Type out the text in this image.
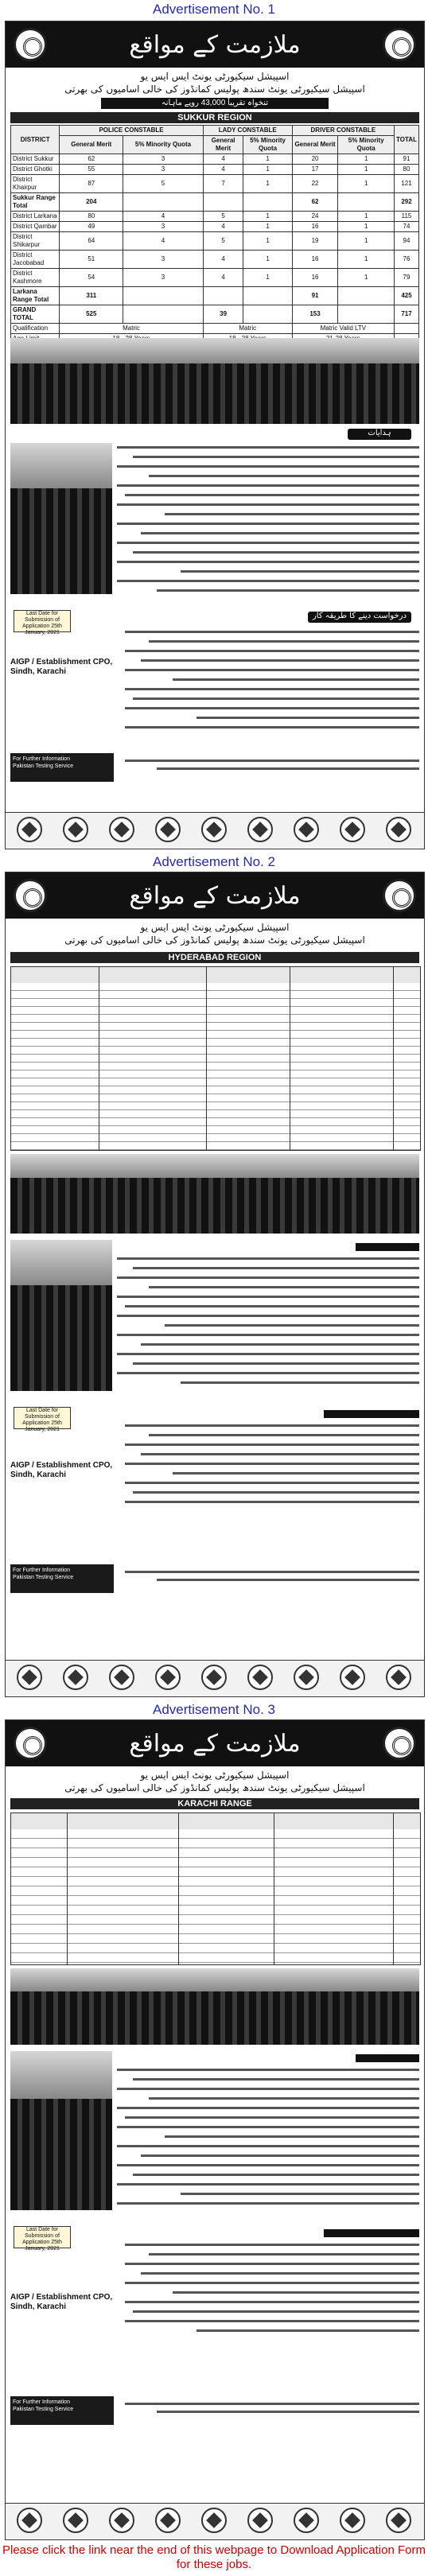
Advertisement No. 1
Advertisement No. 2
Advertisement No. 3
ملازمت کے مواقع
اسپیشل سیکیورٹی یونٹ ایس ایس یو
اسپیشل سیکیورٹی یونٹ سندھ پولیس کمانڈوز کی خالی اسامیوں کی بھرتی
تنخواہ تقریباً 43,000 روپے ماہانہ
SUKKUR REGION
DISTRICT	POLICE CONSTABLE		LADY CONSTABLE		DRIVER CONSTABLE		TOTAL
	General Merit	5% Minority Quota	General Merit	5% Minority Quota	General Merit	5% Minority Quota	
District Sukkur	62	3	4	1	20	1	91
District Ghotki	55	3	4	1	17	1	80
District Khairpur	87	5	7	1	22	1	121
Sukkur Range Total	204				62		292
District Larkana	80	4	5	1	24	1	115
District Qambar	49	3	4	1	16	1	74
District Shikarpur	64	4	5	1	19	1	94
District Jacobabad	51	3	4	1	16	1	76
District Kashmore	54	3	4	1	16	1	79
Larkana Range Total	311				91		425
GRAND TOTAL	525		39		153		717
Qualification	Matric		Matric		Matric Valid LTV		

ہدایات
Last Date for Submission of Application 25th January, 2021
درخواست دینے کا طریقہ کار
AIGP / Establishment CPO, Sindh, Karachi
For Further Information
Pakistan Testing Service
ملازمت کے مواقع
اسپیشل سیکیورٹی یونٹ ایس ایس یو
اسپیشل سیکیورٹی یونٹ سندھ پولیس کمانڈوز کی خالی اسامیوں کی بھرتی
HYDERABAD REGION
Last Date for Submission of Application 25th January, 2021
AIGP / Establishment CPO, Sindh, Karachi
For Further Information
Pakistan Testing Service
ملازمت کے مواقع
اسپیشل سیکیورٹی یونٹ ایس ایس یو
اسپیشل سیکیورٹی یونٹ سندھ پولیس کمانڈوز کی خالی اسامیوں کی بھرتی
KARACHI RANGE
Last Date for Submission of Application 25th January, 2021
AIGP / Establishment CPO, Sindh, Karachi
For Further Information
Pakistan Testing Service
Please click the link near the end of this webpage to Download Application Form for these jobs.
